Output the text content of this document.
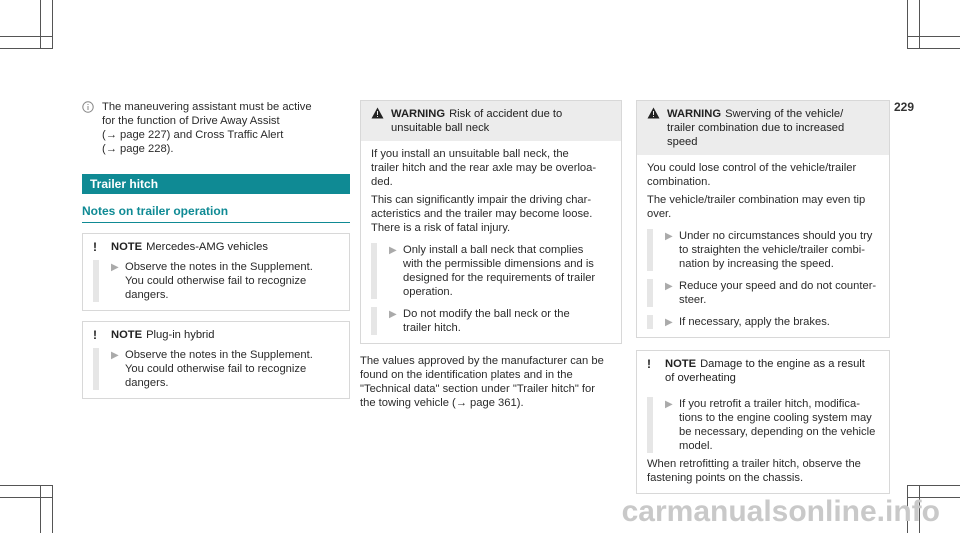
229
The maneuvering assistant must be active
for the function of Drive Away Assist
(→ page 227) and Cross Traffic Alert
(→ page 228).
Trailer hitch
Notes on trailer operation
!	NOTE Mercedes-AMG vehicles
▶ Observe the notes in the Supplement.
You could otherwise fail to recognize
dangers.
!	NOTE Plug-in hybrid
▶ Observe the notes in the Supplement.
You could otherwise fail to recognize
dangers.
WARNING Risk of accident due to
unsuitable ball neck
If you install an unsuitable ball neck, the
trailer hitch and the rear axle may be overloa-
ded.
This can significantly impair the driving char-
acteristics and the trailer may become loose.
There is a risk of fatal injury.
▶ Only install a ball neck that complies
with the permissible dimensions and is
designed for the requirements of trailer
operation.
▶ Do not modify the ball neck or the
trailer hitch.
The values approved by the manufacturer can be
found on the identification plates and in the
"Technical data" section under "Trailer hitch" for
the towing vehicle (→ page 361).
WARNING Swerving of the vehicle/
trailer combination due to increased
speed
You could lose control of the vehicle/trailer
combination.
The vehicle/trailer combination may even tip
over.
▶ Under no circumstances should you try
to straighten the vehicle/trailer combi-
nation by increasing the speed.
▶ Reduce your speed and do not counter-
steer.
▶ If necessary, apply the brakes.
!	NOTE Damage to the engine as a result
of overheating
▶ If you retrofit a trailer hitch, modifica-
tions to the engine cooling system may
be necessary, depending on the vehicle
model.
When retrofitting a trailer hitch, observe the
fastening points on the chassis.
carmanualsonline.info
